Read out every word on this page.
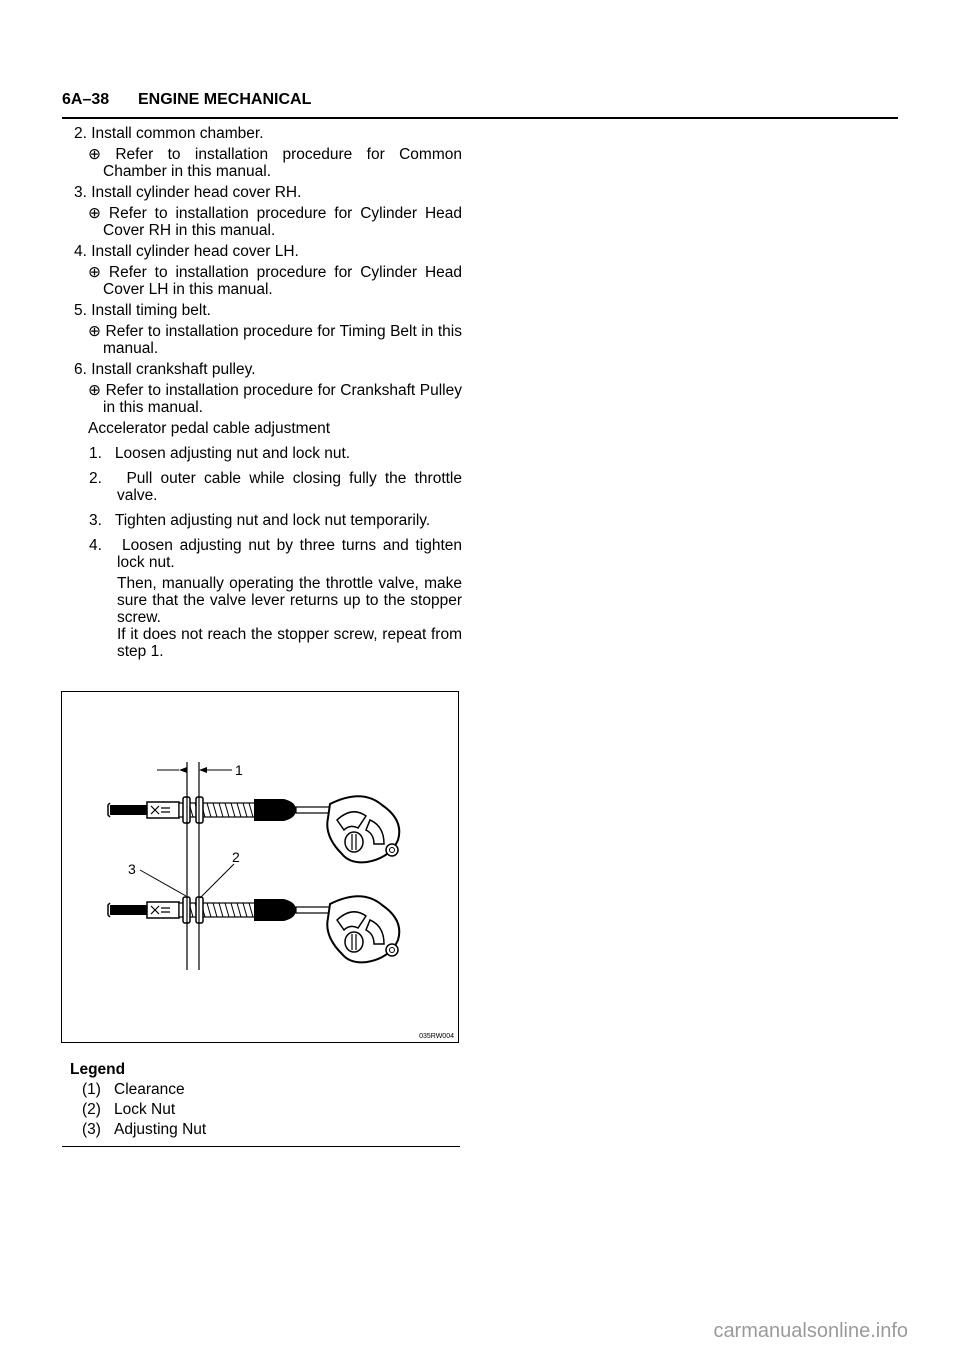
6A–38 ENGINE MECHANICAL
2. Install common chamber.
⊕ Refer to installation procedure for Common Chamber in this manual.
3. Install cylinder head cover RH.
⊕ Refer to installation procedure for Cylinder Head Cover RH in this manual.
4. Install cylinder head cover LH.
⊕ Refer to installation procedure for Cylinder Head Cover LH in this manual.
5. Install timing belt.
⊕ Refer to installation procedure for Timing Belt in this manual.
6. Install crankshaft pulley.
⊕ Refer to installation procedure for Crankshaft Pulley in this manual.
Accelerator pedal cable adjustment
1.   Loosen adjusting nut and lock nut.
2.   Pull outer cable while closing fully the throttle valve.
3.   Tighten adjusting nut and lock nut temporarily.
4.   Loosen adjusting nut by three turns and tighten lock nut.
Then, manually operating the throttle valve, make sure that the valve lever returns up to the stopper screw.
If it does not reach the stopper screw, repeat from step 1.
1
3
2
035RW004
Legend
(1) Clearance
(2) Lock Nut
(3) Adjusting Nut
carmanualsonline.info
